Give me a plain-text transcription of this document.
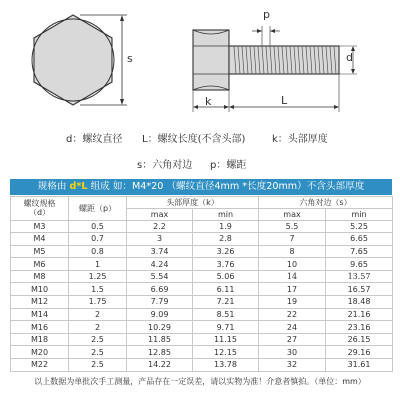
s
p
d
k	L
d：螺纹直径 L：螺纹长度(不含头部)	k：头部厚度
s：六角对边 p：螺距
规格由 d*L 组成 如：M4*20 （螺纹直径4mm *长度20mm）不含头部厚度
螺纹规格
（d）	螺距（p）	头部厚度（k）		六角对边（s）	
		max	min	max	min
M3	0.5	2.2	1.9	5.5	5.25
M4	0.7	3	2.8	7	6.65
M5	0.8	3.74	3.26	8	7.65
M6	1	4.24	3.76	10	9.65
M8	1.25	5.54	5.06	14	13.57
M10	1.5	6.69	6.11	17	16.57
M12	1.75	7.79	7.21	19	18.48
M14	2	9.09	8.51	22	21.16
M16	2	10.29	9.71	24	23.16
M18	2.5	11.85	11.15	27	26.15
M20	2.5	12.85	12.15	30	29.16
M22	2.5	14.22	13.78	32	31.61
以上数据为单批次手工测量，产品存在一定误差，请以实物为准！介意者慎拍。（单位：mm）
